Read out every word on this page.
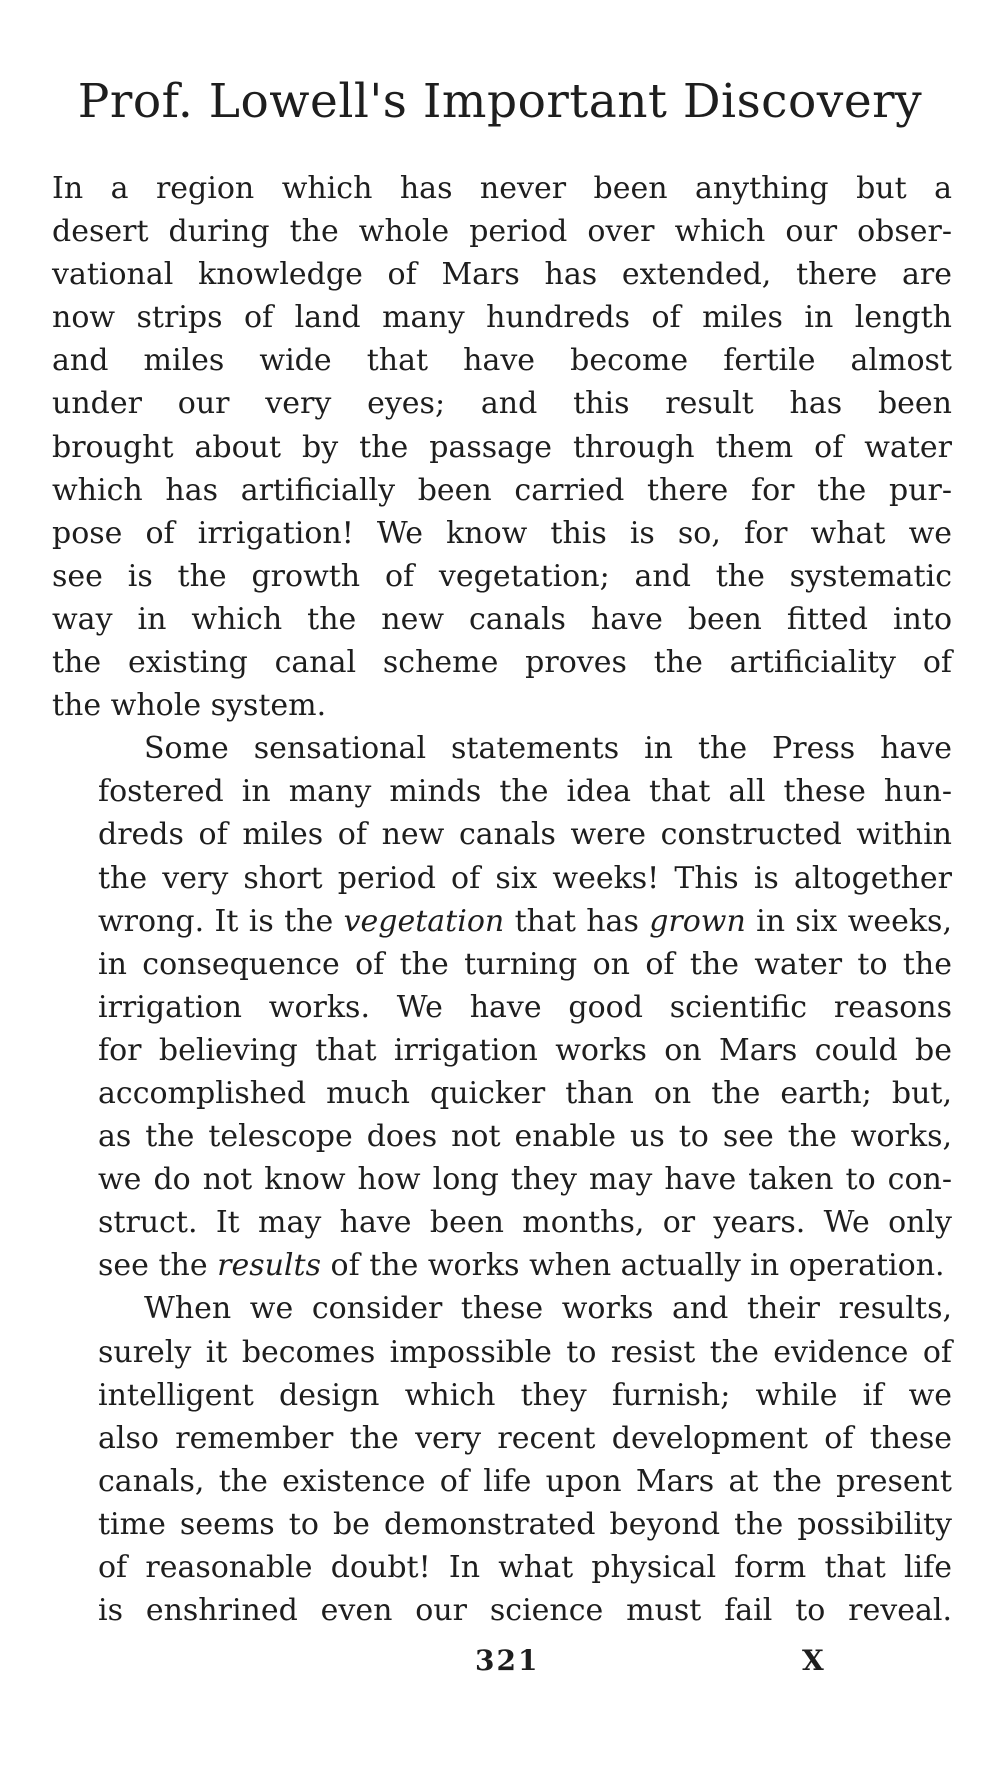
Prof. Lowell's Important Discovery

In a region which has never been anything but a
desert during the whole period over which our obser-
vational knowledge of Mars has extended, there are
now strips of land many hundreds of miles in length
and miles wide that have become fertile almost
under our very eyes; and this result has been
brought about by the passage through them of water
which has artificially been carried there for the pur-
pose of irrigation! We know this is so, for what we
see is the growth of vegetation; and the systematic
way in which the new canals have been fitted into
the existing canal scheme proves the artificiality of
the whole system.

Some sensational statements in the Press have
fostered in many minds the idea that all these hun-
dreds of miles of new canals were constructed within
the very short period of six weeks! This is altogether
wrong. It is the vegetation that has grown in six weeks,
in consequence of the turning on of the water to the
irrigation works. We have good scientific reasons
for believing that irrigation works on Mars could be
accomplished much quicker than on the earth; but,
as the telescope does not enable us to see the works,
we do not know how long they may have taken to con-
struct. It may have been months, or years. We only
see the results of the works when actually in operation.

When we consider these works and their results,
surely it becomes impossible to resist the evidence of
intelligent design which they furnish; while if we
also remember the very recent development of these
canals, the existence of life upon Mars at the present
time seems to be demonstrated beyond the possibility
of reasonable doubt! In what physical form that life
is enshrined even our science must fail to reveal.

321	X
